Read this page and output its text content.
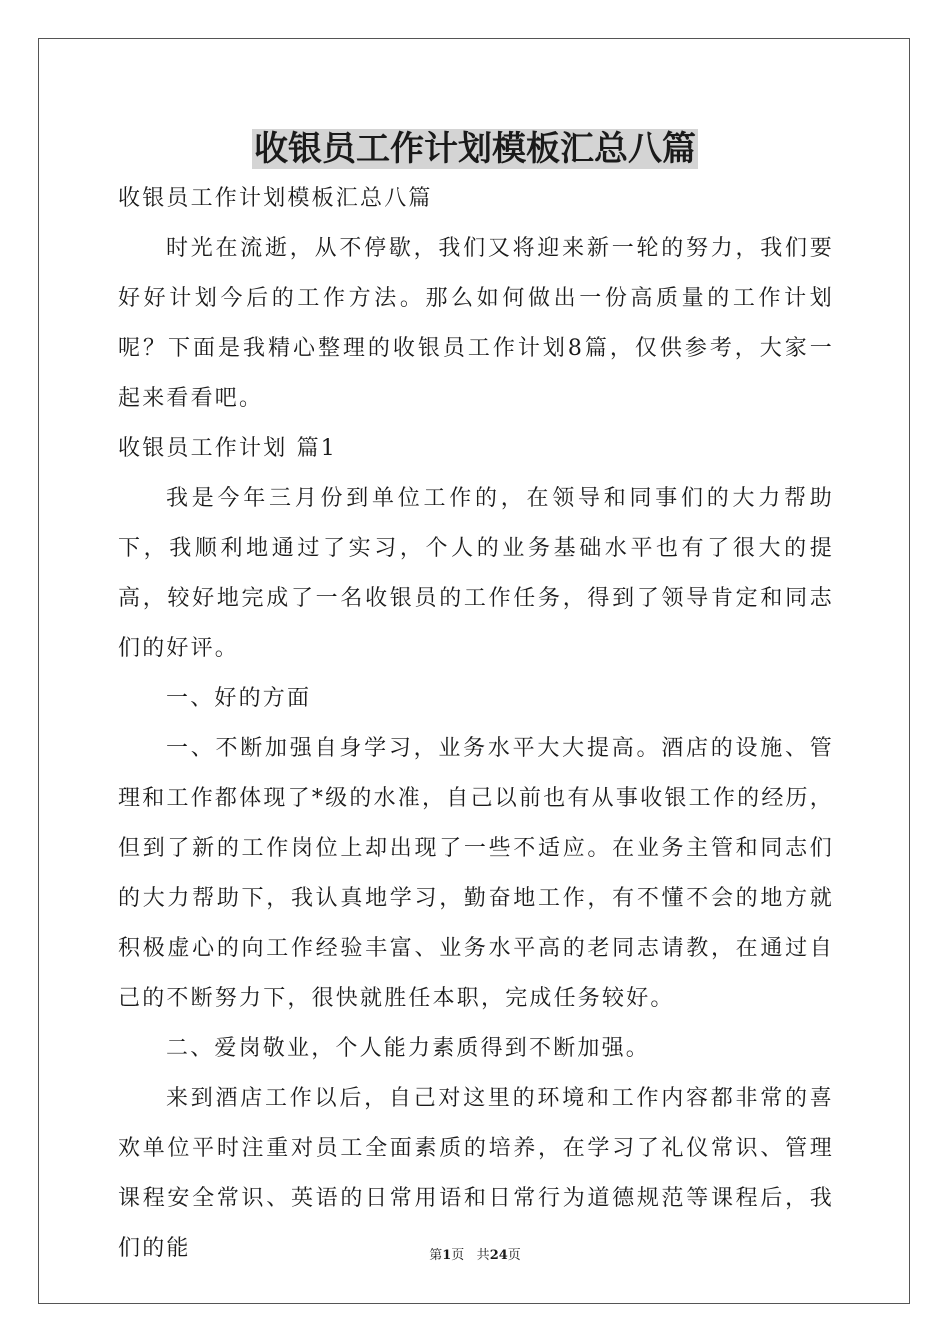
收银员工作计划模板汇总八篇

收银员工作计划模板汇总八篇

时光在流逝，从不停歇，我们又将迎来新一轮的努力，我们要好好计划今后的工作方法。那么如何做出一份高质量的工作计划呢？下面是我精心整理的收银员工作计划8篇，仅供参考，大家一起来看看吧。

收银员工作计划 篇1

我是今年三月份到单位工作的，在领导和同事们的大力帮助下，我顺利地通过了实习，个人的业务基础水平也有了很大的提高，较好地完成了一名收银员的工作任务，得到了领导肯定和同志们的好评。

一、好的方面

一、不断加强自身学习，业务水平大大提高。酒店的设施、管理和工作都体现了*级的水准，自己以前也有从事收银工作的经历，但到了新的工作岗位上却出现了一些不适应。在业务主管和同志们的大力帮助下，我认真地学习，勤奋地工作，有不懂不会的地方就积极虚心的向工作经验丰富、业务水平高的老同志请教，在通过自己的不断努力下，很快就胜任本职，完成任务较好。

二、爱岗敬业，个人能力素质得到不断加强。

来到酒店工作以后，自己对这里的环境和工作内容都非常的喜欢单位平时注重对员工全面素质的培养，在学习了礼仪常识、管理课程安全常识、英语的日常用语和日常行为道德规范等课程后，我们的能	第1页 共24页
